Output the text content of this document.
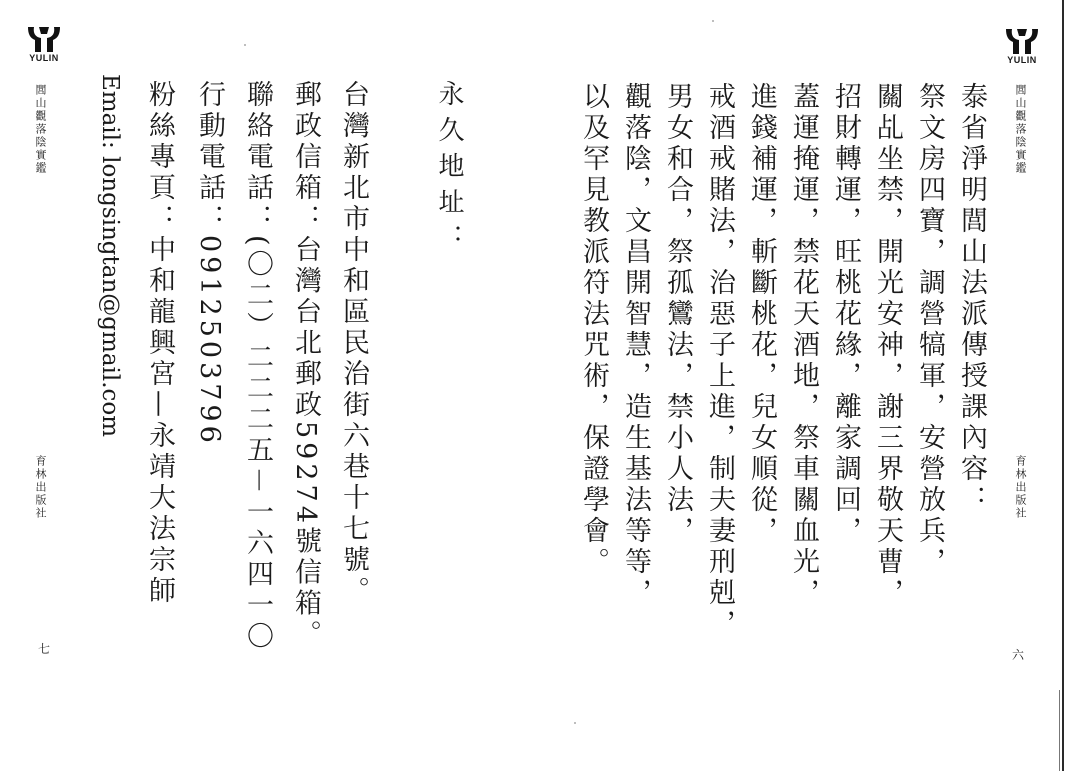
YULIN
閭山觀落陰實鑑
育林出版社
七
永久地址：
台灣新北市中和區民治街六巷十七號。
郵政信箱：台灣台北郵政59274號信箱。
聯絡電話：(〇二）二二二五－一六四一〇
行動電話：0912503796
粉絲專頁：中和龍興宮—永靖大法宗師
Email: longsingtan@gmail.com
YULIN
閭山觀落陰實鑑
育林出版社
六
泰省淨明閭山法派傳授課內容：
祭文房四寶，調營犒軍，安營放兵，
關乩坐禁，開光安神，謝三界敬天曹，
招財轉運，旺桃花緣，離家調回，
蓋運掩運，禁花天酒地，祭車關血光，
進錢補運，斬斷桃花，兒女順從，
戒酒戒賭法，治惡子上進，制夫妻刑剋，
男女和合，祭孤鸞法，禁小人法，
觀落陰，文昌開智慧，造生基法等等，
以及罕見教派符法咒術，保證學會。
